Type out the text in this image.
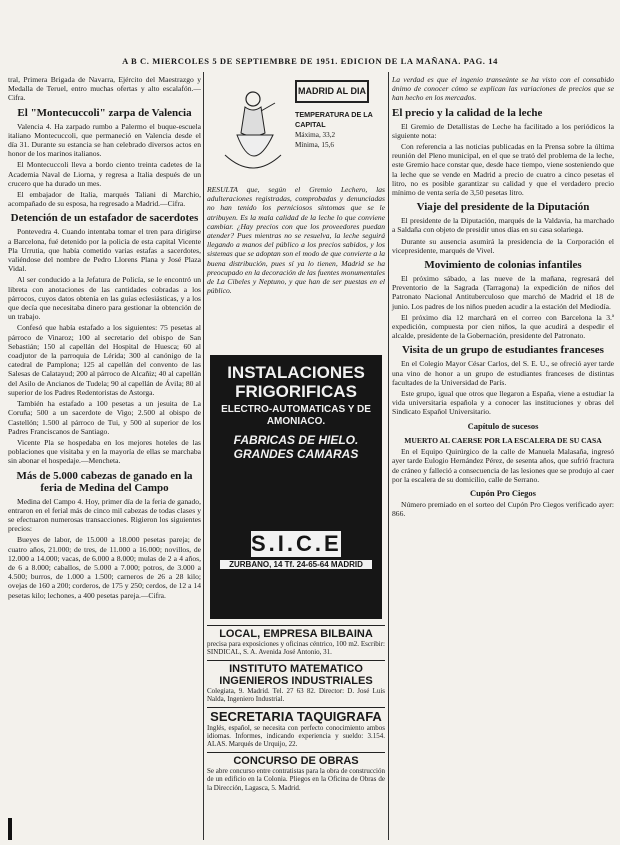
A B C. MIERCOLES 5 DE SEPTIEMBRE DE 1951. EDICION DE LA MAÑANA. PAG. 14

tral, Primera Brigada de Navarra, Ejército del Maestrazgo y Medalla de Teruel, entro muchas ofertas y alto escalafón.—Cifra.

El "Montecuccoli" zarpa de Valencia

Valencia 4. Ha zarpado rumbo a Palermo el buque-escuela italiano Montecuccoli, que permaneció en Valencia desde el día 31. Durante su estancia se han celebrado diversos actos en honor de los marinos italianos.

El Montecuccoli lleva a bordo ciento treinta cadetes de la Academia Naval de Liorna, y regresa a Italia después de un crucero que ha durado un mes.

El embajador de Italia, marqués Taliani di Marchio, acompañado de su esposa, ha regresado a Madrid.—Cifra.

Detención de un estafador de sacerdotes

Pontevedra 4. Cuando intentaba tomar el tren para dirigirse a Barcelona, fué detenido por la policía de esta capital Vicente Pla Urrutia, que había cometido varias estafas a sacerdotes, valiéndose del nombre de Pedro Llorens Plana y José Plaza Vidal.

Al ser conducido a la Jefatura de Policía, se le encontró un libreta con anotaciones de las cantidades cobradas a los párrocos, cuyos datos obtenía en las guías eclesiásticas, y a los que decía que necesitaba dinero para gestionar la obtención de un trabajo.

Confesó que había estafado a los siguientes: 75 pesetas al párroco de Vinaroz; 100 al secretario del obispo de San Sebastián; 150 al capellán del Hospital de Huesca; 60 al coadjutor de la parroquia de Lérida; 300 al canónigo de la catedral de Pamplona; 125 al capellán del convento de las Salesas de Calatayud; 200 al párroco de Alcañiz; 40 al capellán del Asilo de Ancianos de Tudela; 90 al capellán de Ávila; 80 al superior de los Padres Redentoristas de Astorga.

También ha estafado a 100 pesetas a un jesuita de La Coruña; 500 a un sacerdote de Vigo; 2.500 al obispo de Castellón; 1.500 al párroco de Tui, y 500 al superior de los Padres Franciscanos de Santiago.

Vicente Pla se hospedaba en los mejores hoteles de las poblaciones que visitaba y en la mayoría de ellas se marchaba sin abonar el hospedaje.—Mencheta.

Más de 5.000 cabezas de ganado en la feria de Medina del Campo

Medina del Campo 4. Hoy, primer día de la feria de ganado, entraron en el ferial más de cinco mil cabezas de todas clases y se efectuaron numerosas transacciones. Rigieron los siguientes precios:

Bueyes de labor, de 15.000 a 18.000 pesetas pareja; de cuatro años, 21.000; de tres, de 11.000 a 16.000; novillos, de 12.000 a 14.000; vacas, de 6.000 a 8.000; mulas de 2 a 4 años, de 6 a 8.000; caballos, de 5.000 a 7.000; potros, de 3.000 a 4.500; burros, de 1.000 a 1.500; carneros de 26 a 28 kilo; ovejas de 160 a 200; corderos, de 175 y 250; cerdos, de 12 a 14 pesetas kilo; lechones, a 400 pesetas pareja.—Cifra.

MADRID AL DIA
TEMPERATURA DE LA CAPITAL
Máxima, 33,2
Mínima, 15,6

RESULTA que, según el Gremio Lechero, las adulteraciones registradas, comprobadas y denunciadas no han tenido los perniciosos síntomas que se le atribuyen. Es la mala calidad de la leche lo que conviene cambiar. ¿Hay precios con que los proveedores puedan atender? Pues mientras no se resuelva, la leche seguirá llegando a manos del público a los precios sabidos, y los sistemas que se adoptan son el modo de que convierte a la buena distribución, pues sí ya lo tienen, Madrid se ha preocupado en la decoración de las fuentes monumentales de La Cibeles y Neptuno, y que han de ser puestas en el público.

INSTALACIONES FRIGORIFICAS
ELECTRO-AUTOMATICAS Y DE AMONIACO.
FABRICAS DE HIELO. GRANDES CAMARAS
S.I.C.E.
ZURBANO, 14 Tf. 24-65-64 MADRID
LOCAL, EMPRESA BILBAINA
precisa para exposiciones y oficinas céntrico, 100 m2. Escribir: SINDICAL, S. A. Avenida José Antonio, 31.
INSTITUTO MATEMATICO INGENIEROS INDUSTRIALES
Colegiata, 9. Madrid. Tel. 27 63 82. Director: D. José Luis Nalda, Ingeniero Industrial.
SECRETARIA TAQUIGRAFA
Inglés, español, se necesita con perfecto conocimiento ambos idiomas. Informes, indicando experiencia y sueldo: 3.154. ALAS. Marqués de Urquijo, 22.
CONCURSO DE OBRAS
Se abre concurso entre contratistas para la obra de construcción de un edificio en la Colonia. Pliegos en la Oficina de Obras de la Dirección, Lagasca, 5. Madrid.

La verdad es que el ingenio transeúnte se ha visto con el consabido ánimo de conocer cómo se explican las variaciones de precios que se han hecho en los mercados.

El precio y la calidad de la leche

El Gremio de Detallistas de Leche ha facilitado a los periódicos la siguiente nota:

Con referencia a las noticias publicadas en la Prensa sobre la última reunión del Pleno municipal, en el que se trató del problema de la leche, este Gremio hace constar que, desde hace tiempo, viene sosteniendo que la leche que se vende en Madrid a precio de cuatro a cinco pesetas el litro, no es posible garantizar su calidad y que el verdadero precio mínimo de venta sería de 3,50 pesetas litro.

Viaje del presidente de la Diputación

El presidente de la Diputación, marqués de la Valdavia, ha marchado a Saldaña con objeto de presidir unos días en su casa solariega.

Durante su ausencia asumirá la presidencia de la Corporación el vicepresidente, marqués de Vivel.

Movimiento de colonias infantiles

El próximo sábado, a las nueve de la mañana, regresará del Preventorio de la Sagrada (Tarragona) la expedición de niños del Patronato Nacional Antituberculoso que marchó de Madrid el 18 de junio. Los padres de los niños pueden acudir a la estación del Mediodía.

El próximo día 12 marchará en el correo con Barcelona la 3.ª expedición, compuesta por cien niños, la que acudirá a despedir el alcalde, presidente de la Gobernación, presidente del Patronato.

Visita de un grupo de estudiantes franceses

En el Colegio Mayor César Carlos, del S. E. U., se ofreció ayer tarde una vino de honor a un grupo de estudiantes franceses de distintas facultades de la Universidad de París.

Este grupo, igual que otros que llegaron a España, viene a estudiar la vida universitaria española y a conocer las instituciones y obras del Sindicato Español Universitario.

Capítulo de sucesos
MUERTO AL CAERSE POR LA ESCALERA DE SU CASA

En el Equipo Quirúrgico de la calle de Manuela Malasaña, ingresó ayer tarde Eulogio Hernández Pérez, de sesenta años, que sufrió fractura de cráneo y falleció a consecuencia de las lesiones que se produjo al caer por la escalera de su domicilio, calle de Serrano.

Cupón Pro Ciegos

Número premiado en el sorteo del Cupón Pro Ciegos verificado ayer: 866.
